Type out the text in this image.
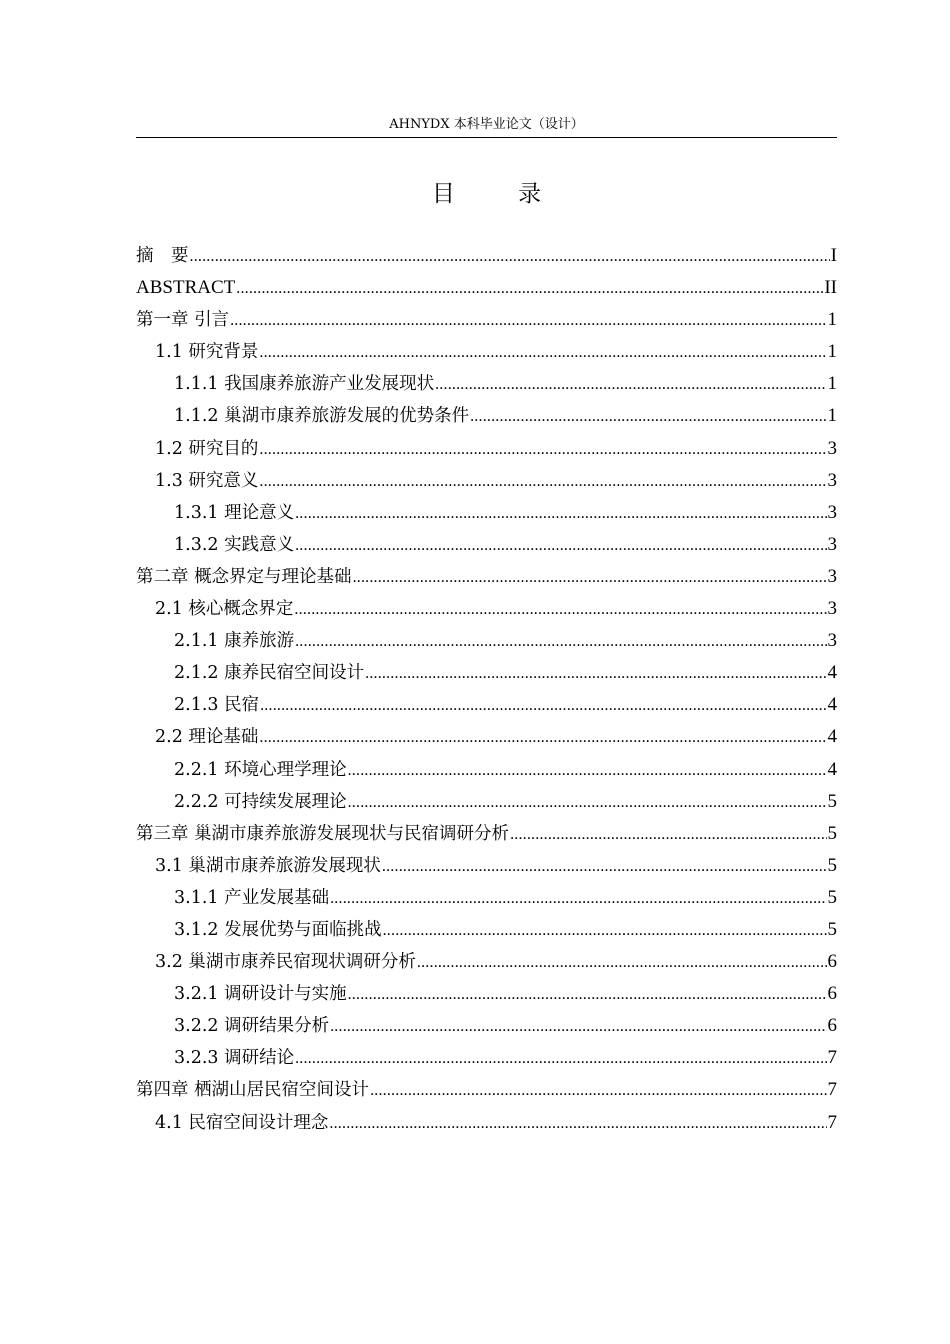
AHNYDX 本科毕业论文（设计）
目 录
摘　要 .....	I
ABSTRACT .....	II
第一章 引言 .....	1
1.1 研究背景 .....	1
1.1.1 我国康养旅游产业发展现状 .....	1
1.1.2 巢湖市康养旅游发展的优势条件 .....	1
1.2 研究目的 .....	3
1.3 研究意义 .....	3
1.3.1 理论意义 .....	3
1.3.2 实践意义 .....	3
第二章 概念界定与理论基础 .....	3
2.1 核心概念界定 .....	3
2.1.1 康养旅游 .....	3
2.1.2 康养民宿空间设计 .....	4
2.1.3 民宿 .....	4
2.2 理论基础 .....	4
2.2.1 环境心理学理论 .....	4
2.2.2 可持续发展理论 .....	5
第三章 巢湖市康养旅游发展现状与民宿调研分析 .....	5
3.1 巢湖市康养旅游发展现状 .....	5
3.1.1 产业发展基础 .....	5
3.1.2 发展优势与面临挑战 .....	5
3.2 巢湖市康养民宿现状调研分析 .....	6
3.2.1 调研设计与实施 .....	6
3.2.2 调研结果分析 .....	6
3.2.3 调研结论 .....	7
第四章 栖湖山居民宿空间设计 .....	7
4.1 民宿空间设计理念 .....	7
